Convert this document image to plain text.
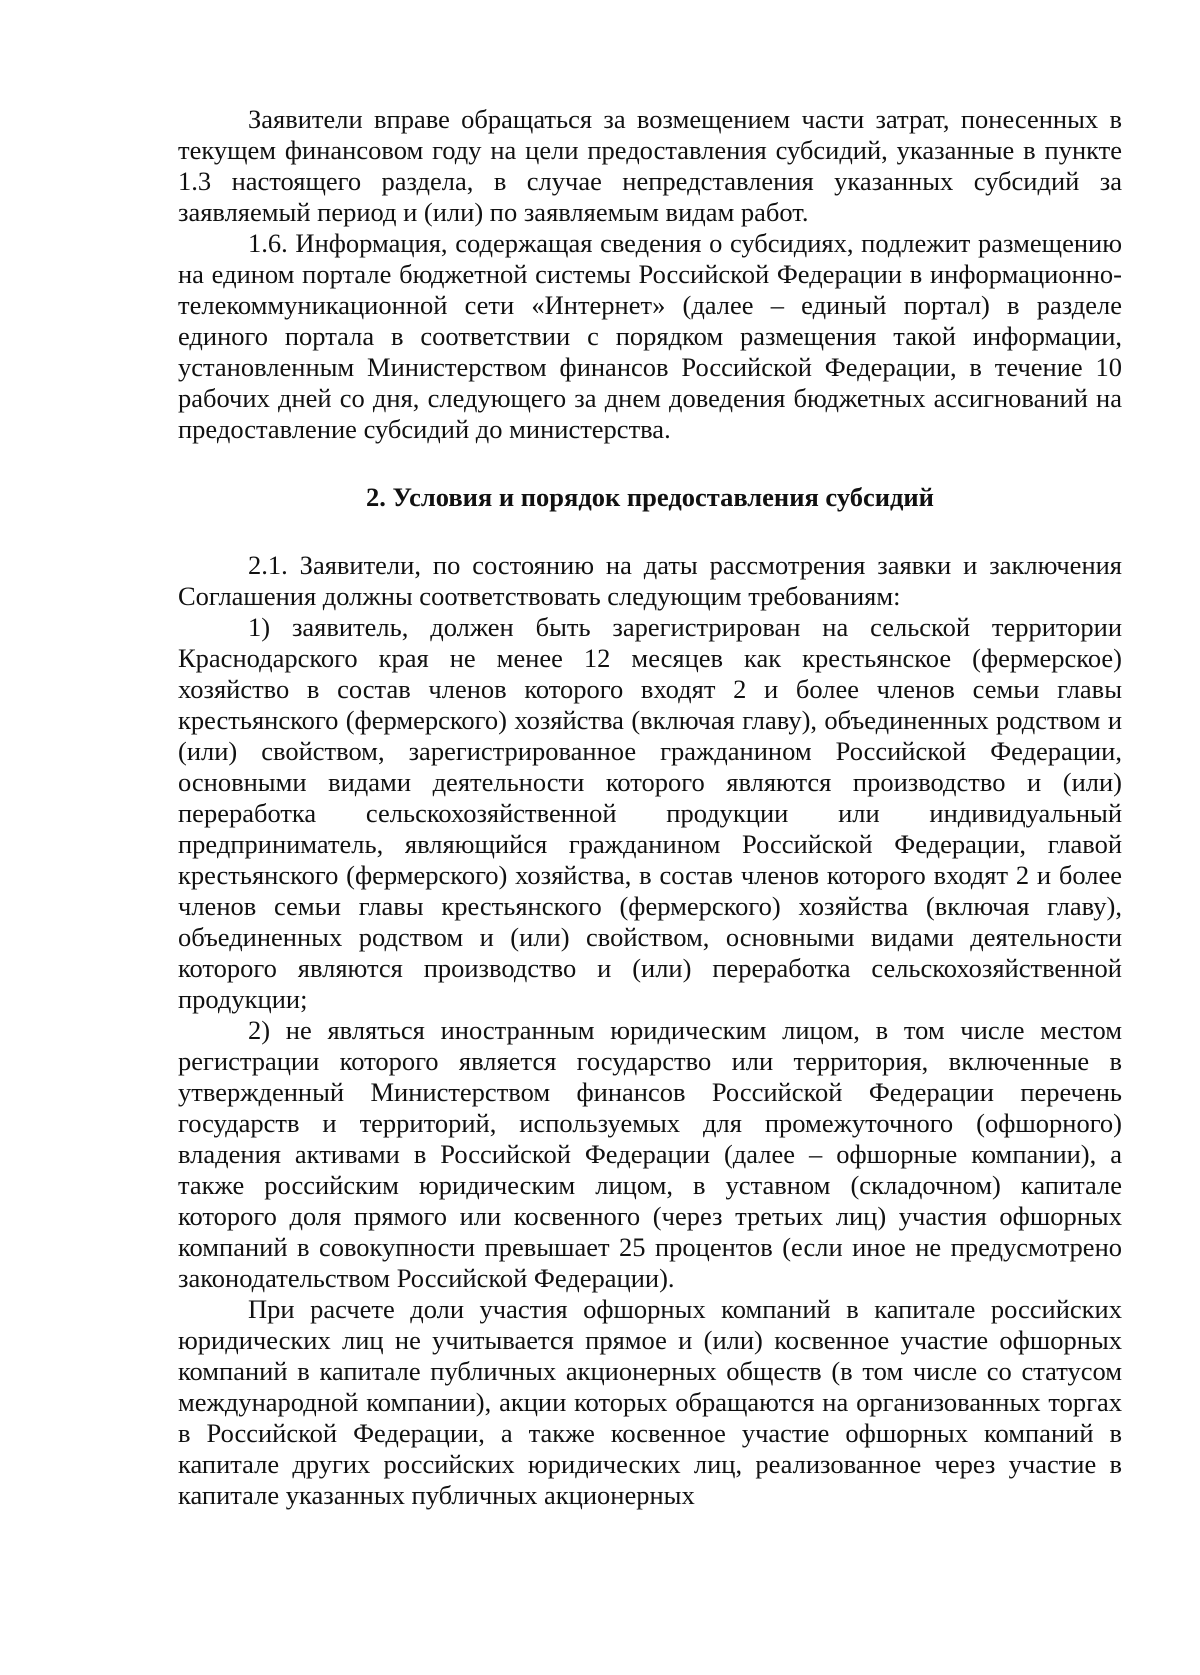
Заявители вправе обращаться за возмещением части затрат, понесенных в текущем финансовом году на цели предоставления субсидий, указанные в пункте 1.3 настоящего раздела, в случае непредставления указанных субсидий за заявляемый период и (или) по заявляемым видам работ.

1.6. Информация, содержащая сведения о субсидиях, подлежит размещению на едином портале бюджетной системы Российской Федерации в информационно-телекоммуникационной сети «Интернет» (далее – единый портал) в разделе единого портала в соответствии с порядком размещения такой информации, установленным Министерством финансов Российской Федерации, в течение 10 рабочих дней со дня, следующего за днем доведения бюджетных ассигнований на предоставление субсидий до министерства.

2. Условия и порядок предоставления субсидий

2.1. Заявители, по состоянию на даты рассмотрения заявки и заключения Соглашения должны соответствовать следующим требованиям:

1) заявитель, должен быть зарегистрирован на сельской территории Краснодарского края не менее 12 месяцев как крестьянское (фермерское) хозяйство в состав членов которого входят 2 и более членов семьи главы крестьянского (фермерского) хозяйства (включая главу), объединенных родством и (или) свойством, зарегистрированное гражданином Российской Федерации, основными видами деятельности которого являются производство и (или) переработка сельскохозяйственной продукции или индивидуальный предприниматель, являющийся гражданином Российской Федерации, главой крестьянского (фермерского) хозяйства, в состав членов которого входят 2 и более членов семьи главы крестьянского (фермерского) хозяйства (включая главу), объединенных родством и (или) свойством, основными видами деятельности которого являются производство и (или) переработка сельскохозяйственной продукции;

2) не являться иностранным юридическим лицом, в том числе местом регистрации которого является государство или территория, включенные в утвержденный Министерством финансов Российской Федерации перечень государств и территорий, используемых для промежуточного (офшорного) владения активами в Российской Федерации (далее – офшорные компании), а также российским юридическим лицом, в уставном (складочном) капитале которого доля прямого или косвенного (через третьих лиц) участия офшорных компаний в совокупности превышает 25 процентов (если иное не предусмотрено законодательством Российской Федерации).

При расчете доли участия офшорных компаний в капитале российских юридических лиц не учитывается прямое и (или) косвенное участие офшорных компаний в капитале публичных акционерных обществ (в том числе со статусом международной компании), акции которых обращаются на организованных торгах в Российской Федерации, а также косвенное участие офшорных компаний в капитале других российских юридических лиц, реализованное через участие в капитале указанных публичных акционерных
